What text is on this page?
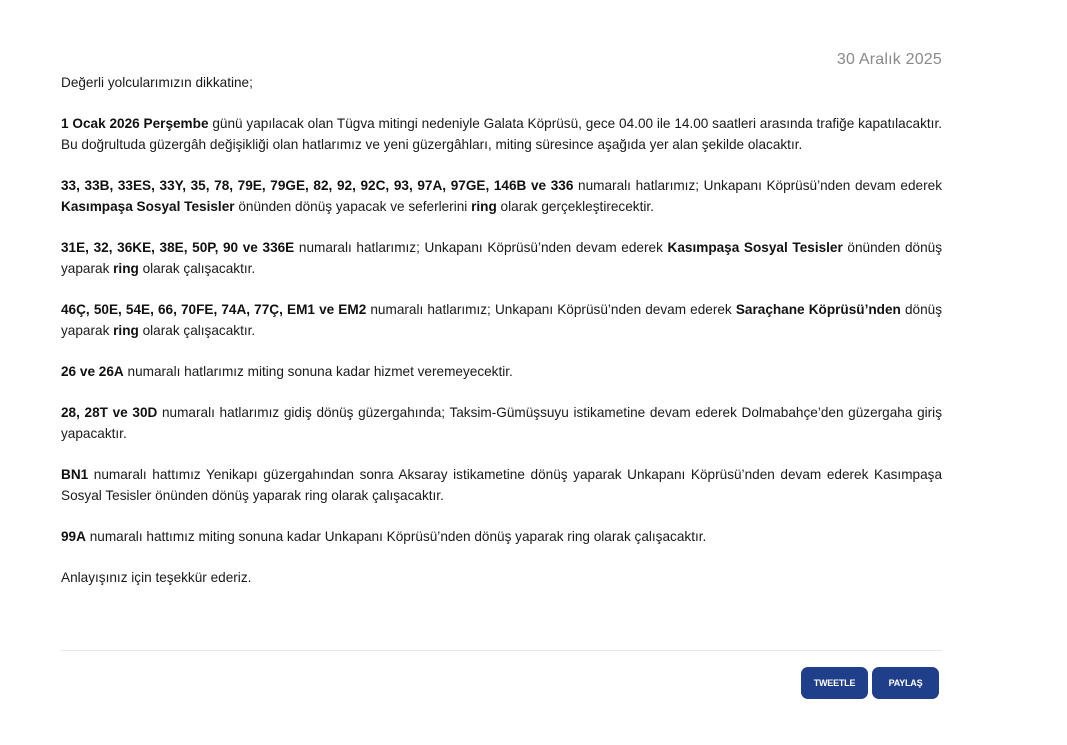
30 Aralık 2025

Değerli yolcularımızın dikkatine;

1 Ocak 2026 Perşembe günü yapılacak olan Tügva mitingi nedeniyle Galata Köprüsü, gece 04.00 ile 14.00 saatleri arasında trafiğe kapatılacaktır. Bu doğrultuda güzergâh değişikliği olan hatlarımız ve yeni güzergâhları, miting süresince aşağıda yer alan şekilde olacaktır.

33, 33B, 33ES, 33Y, 35, 78, 79E, 79GE, 82, 92, 92C, 93, 97A, 97GE, 146B ve 336 numaralı hatlarımız; Unkapanı Köprüsü’nden devam ederek Kasımpaşa Sosyal Tesisler önünden dönüş yapacak ve seferlerini ring olarak gerçekleştirecektir.

31E, 32, 36KE, 38E, 50P, 90 ve 336E numaralı hatlarımız; Unkapanı Köprüsü’nden devam ederek Kasımpaşa Sosyal Tesisler önünden dönüş yaparak ring olarak çalışacaktır.

46Ç, 50E, 54E, 66, 70FE, 74A, 77Ç, EM1 ve EM2 numaralı hatlarımız; Unkapanı Köprüsü’nden devam ederek Saraçhane Köprüsü’nden dönüş yaparak ring olarak çalışacaktır.

26 ve 26A numaralı hatlarımız miting sonuna kadar hizmet veremeyecektir.

28, 28T ve 30D numaralı hatlarımız gidiş dönüş güzergahında; Taksim-Gümüşsuyu istikametine devam ederek Dolmabahçe’den güzergaha giriş yapacaktır.

BN1 numaralı hattımız Yenikapı güzergahından sonra Aksaray istikametine dönüş yaparak Unkapanı Köprüsü’nden devam ederek Kasımpaşa Sosyal Tesisler önünden dönüş yaparak ring olarak çalışacaktır.

99A numaralı hattımız miting sonuna kadar Unkapanı Köprüsü’nden dönüş yaparak ring olarak çalışacaktır.

Anlayışınız için teşekkür ederiz.

TWEETLE	PAYLAŞ
